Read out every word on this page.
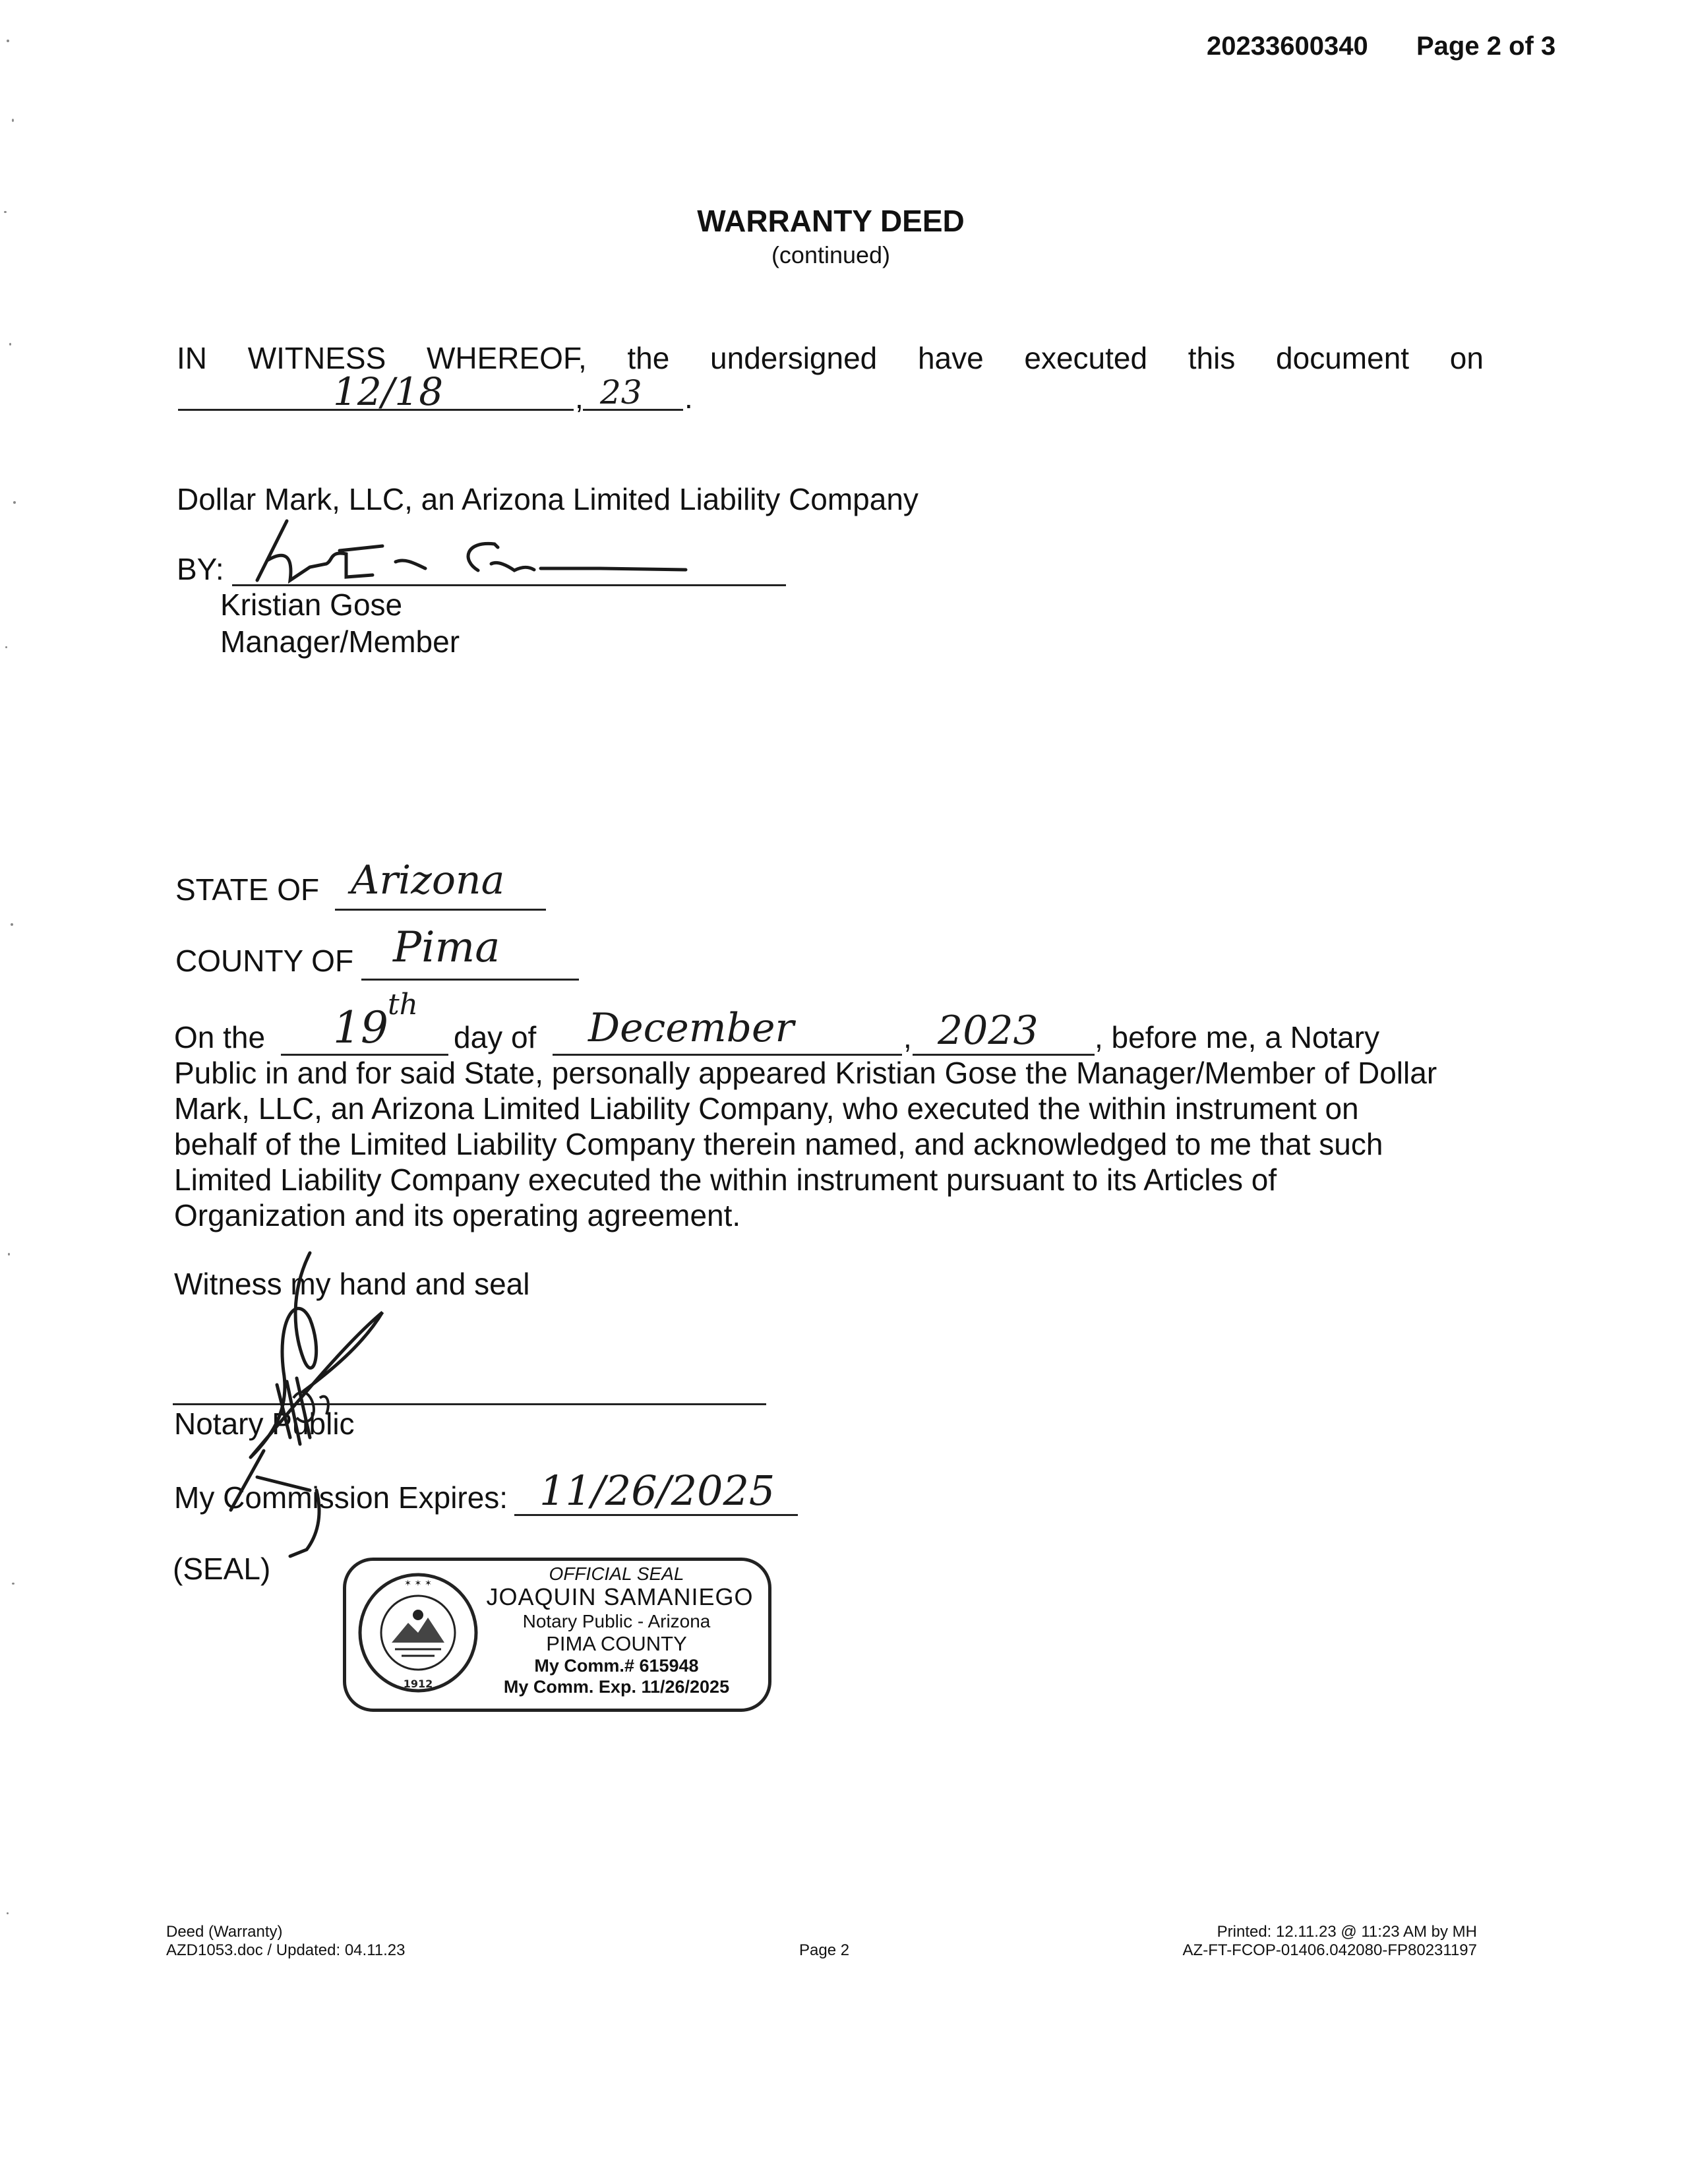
20233600340 Page 2 of 3
WARRANTY DEED
(continued)
IN WITNESS WHEREOF, the undersigned have executed this document on
12/18	, 23 .
Dollar Mark, LLC, an Arizona Limited Liability Company
BY:
Kristian Gose
Manager/Member
STATE OF Arizona
COUNTY OF Pima
On the 19 th
day of December	, 2023 , before me, a Notary
Public in and for said State, personally appeared Kristian Gose the Manager/Member of Dollar
Mark, LLC, an Arizona Limited Liability Company, who executed the within instrument on
behalf of the Limited Liability Company therein named, and acknowledged to me that such
Limited Liability Company executed the within instrument pursuant to its Articles of
Organization and its operating agreement.
Witness my hand and seal
Notary Public
My Commission Expires: 11/26/2025
(SEAL)	✶ ✶ ✶
1912
OFFICIAL SEAL
JOAQUIN SAMANIEGO
Notary Public - Arizona
PIMA COUNTY
My Comm.# 615948
My Comm. Exp. 11/26/2025
Deed (Warranty)
AZD1053.doc / Updated: 04.11.23	Page 2
Printed: 12.11.23 @ 11:23 AM by MH
AZ-FT-FCOP-01406.042080-FP80231197
